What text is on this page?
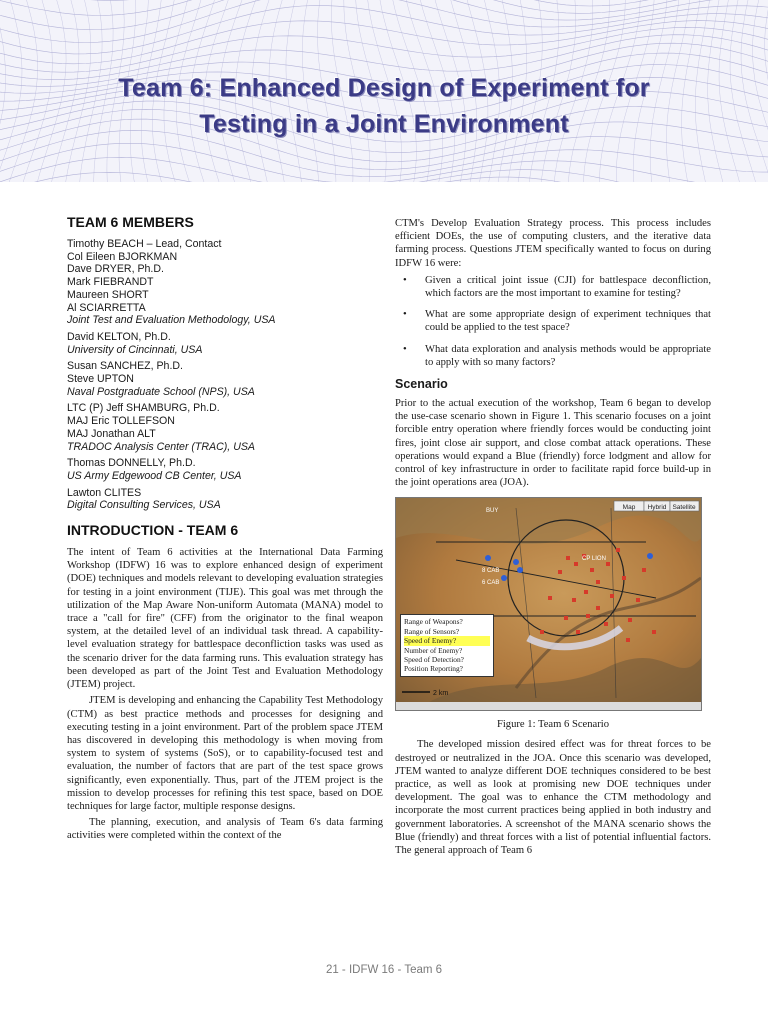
Team 6: Enhanced Design of Experiment for
Testing in a Joint Environment
TEAM 6 MEMBERS
Timothy BEACH – Lead, Contact
Col Eileen BJORKMAN
Dave DRYER, Ph.D.
Mark FIEBRANDT
Maureen SHORT
Al SCIARRETTA
Joint Test and Evaluation Methodology, USA
David KELTON, Ph.D.
University of Cincinnati, USA
Susan SANCHEZ, Ph.D.
Steve UPTON
Naval Postgraduate School (NPS), USA
LTC (P) Jeff SHAMBURG, Ph.D.
MAJ Eric TOLLEFSON
MAJ Jonathan ALT
TRADOC Analysis Center (TRAC), USA
Thomas DONNELLY, Ph.D.
US Army Edgewood CB Center, USA
Lawton CLITES
Digital Consulting Services, USA
INTRODUCTION - TEAM 6

The intent of Team 6 activities at the International Data Farming Workshop (IDFW) 16 was to explore enhanced design of experiment (DOE) techniques and models relevant to developing evaluation strategies for testing in a joint environment (TIJE). This goal was met through the utilization of the Map Aware Non-uniform Automata (MANA) model to trace a "call for fire" (CFF) from the originator to the final weapon system, at the detailed level of an individual task thread. A capability-level evaluation strategy for battlespace deconfliction tasks was used as the scenario driver for the data farming runs. This evaluation strategy has been developed as part of the Joint Test and Evaluation Methodology (JTEM) project.

JTEM is developing and enhancing the Capability Test Methodology (CTM) as best practice methods and processes for designing and executing testing in a joint environment. Part of the problem space JTEM has discovered in developing this methodology is when moving from system to system of systems (SoS), or to capability-focused test and evaluation, the number of factors that are part of the test space grows significantly, even exponentially. Thus, part of the JTEM project is the mission to develop processes for refining this test space, based on DOE techniques for large factor, multiple response designs.

The planning, execution, and analysis of Team 6's data farming activities were completed within the context of the

CTM's Develop Evaluation Strategy process. This process includes efficient DOEs, the use of computing clusters, and the iterative data farming process. Questions JTEM specifically wanted to focus on during IDFW 16 were:

• Given a critical joint issue (CJI) for battlespace deconfliction, which factors are the most important to examine for testing?
• What are some appropriate design of experiment techniques that could be applied to the test space?
• What data exploration and analysis methods would be appropriate to apply with so many factors?
Scenario

Prior to the actual execution of the workshop, Team 6 began to develop the use-case scenario shown in Figure 1. This scenario focuses on a joint forcible entry operation where friendly forces would be conducting joint fires, joint close air support, and close combat attack operations. These operations would expand a Blue (friendly) force lodgment and allow for control of key infrastructure in order to facilitate rapid force build-up in the joint operations area (JOA).

Map Hybrid Satellite
BUY
8 CAB
6 CAB
CP LION
2 km
Range of Weapons?
Range of Sensors?
Speed of Enemy?
Number of Enemy?
Speed of Detection?
Position Reporting?
Figure 1: Team 6 Scenario

The developed mission desired effect was for threat forces to be destroyed or neutralized in the JOA. Once this scenario was developed, JTEM wanted to analyze different DOE techniques considered to be best practice, as well as look at promising new DOE techniques under development. The goal was to enhance the CTM methodology and incorporate the most current practices being applied in both industry and government laboratories. A screenshot of the MANA scenario shows the Blue (friendly) and threat forces with a list of potential influential factors. The general approach of Team 6

21 - IDFW 16 - Team 6
